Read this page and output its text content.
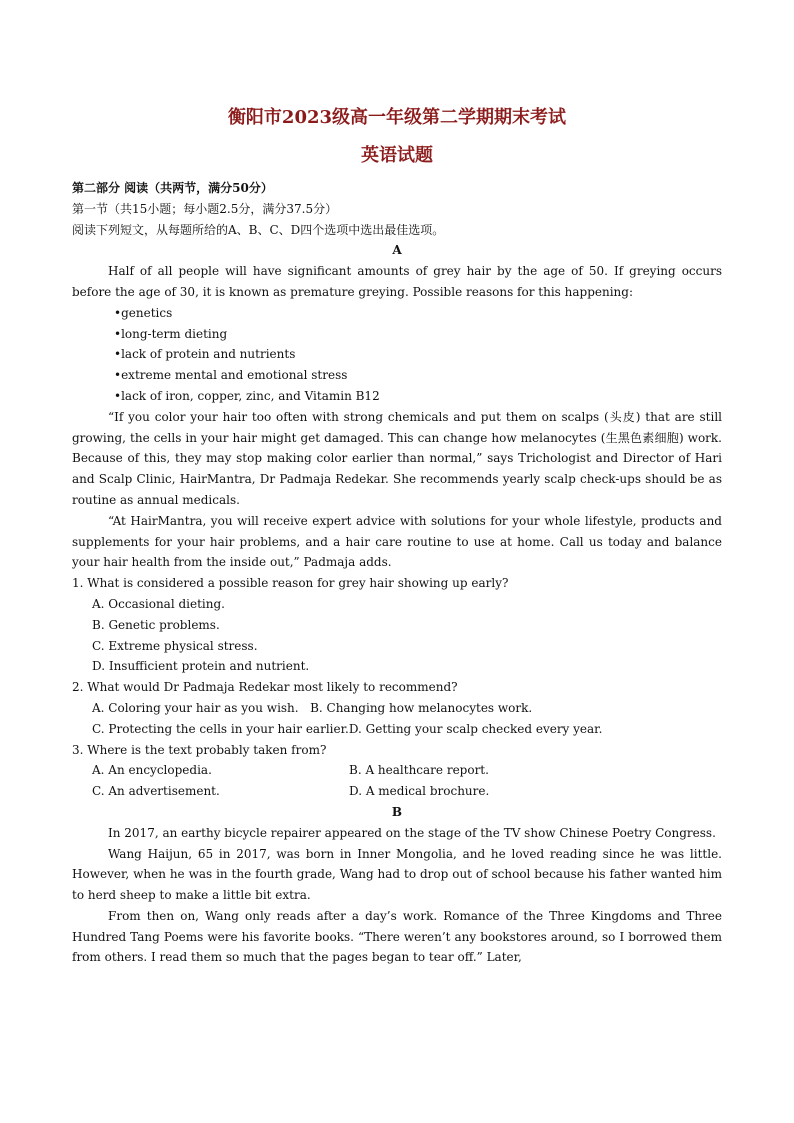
衡阳市2023级高一年级第二学期期末考试
英语试题

第二部分 阅读（共两节，满分50分）

第一节（共15小题；每小题2.5分，满分37.5分）

阅读下列短文，从每题所给的A、B、C、D四个选项中选出最佳选项。

A

Half of all people will have significant amounts of grey hair by the age of 50. If greying occurs before the age of 30, it is known as premature greying. Possible reasons for this happening:

•genetics

•long-term dieting

•lack of protein and nutrients

•extreme mental and emotional stress

•lack of iron, copper, zinc, and Vitamin B12

“If you color your hair too often with strong chemicals and put them on scalps (头皮) that are still growing, the cells in your hair might get damaged. This can change how melanocytes (生黑色素细胞) work. Because of this, they may stop making color earlier than normal,” says Trichologist and Director of Hari and Scalp Clinic, HairMantra, Dr Padmaja Redekar. She recommends yearly scalp check-ups should be as routine as annual medicals.

“At HairMantra, you will receive expert advice with solutions for your whole lifestyle, products and supplements for your hair problems, and a hair care routine to use at home. Call us today and balance your hair health from the inside out,” Padmaja adds.

1. What is considered a possible reason for grey hair showing up early?

A. Occasional dieting.

B. Genetic problems.

C. Extreme physical stress.

D. Insufficient protein and nutrient.

2. What would Dr Padmaja Redekar most likely to recommend?

A. Coloring your hair as you wish. B. Changing how melanocytes work.

C. Protecting the cells in your hair earlier.D. Getting your scalp checked every year.

3. Where is the text probably taken from?

A. An encyclopedia.	B. A healthcare report.

C. An advertisement.	D. A medical brochure.

B

In 2017, an earthy bicycle repairer appeared on the stage of the TV show Chinese Poetry Congress.

Wang Haijun, 65 in 2017, was born in Inner Mongolia, and he loved reading since he was little. However, when he was in the fourth grade, Wang had to drop out of school because his father wanted him to herd sheep to make a little bit extra.

From then on, Wang only reads after a day’s work. Romance of the Three Kingdoms and Three Hundred Tang Poems were his favorite books. “There weren’t any bookstores around, so I borrowed them from others. I read them so much that the pages began to tear off.” Later,
